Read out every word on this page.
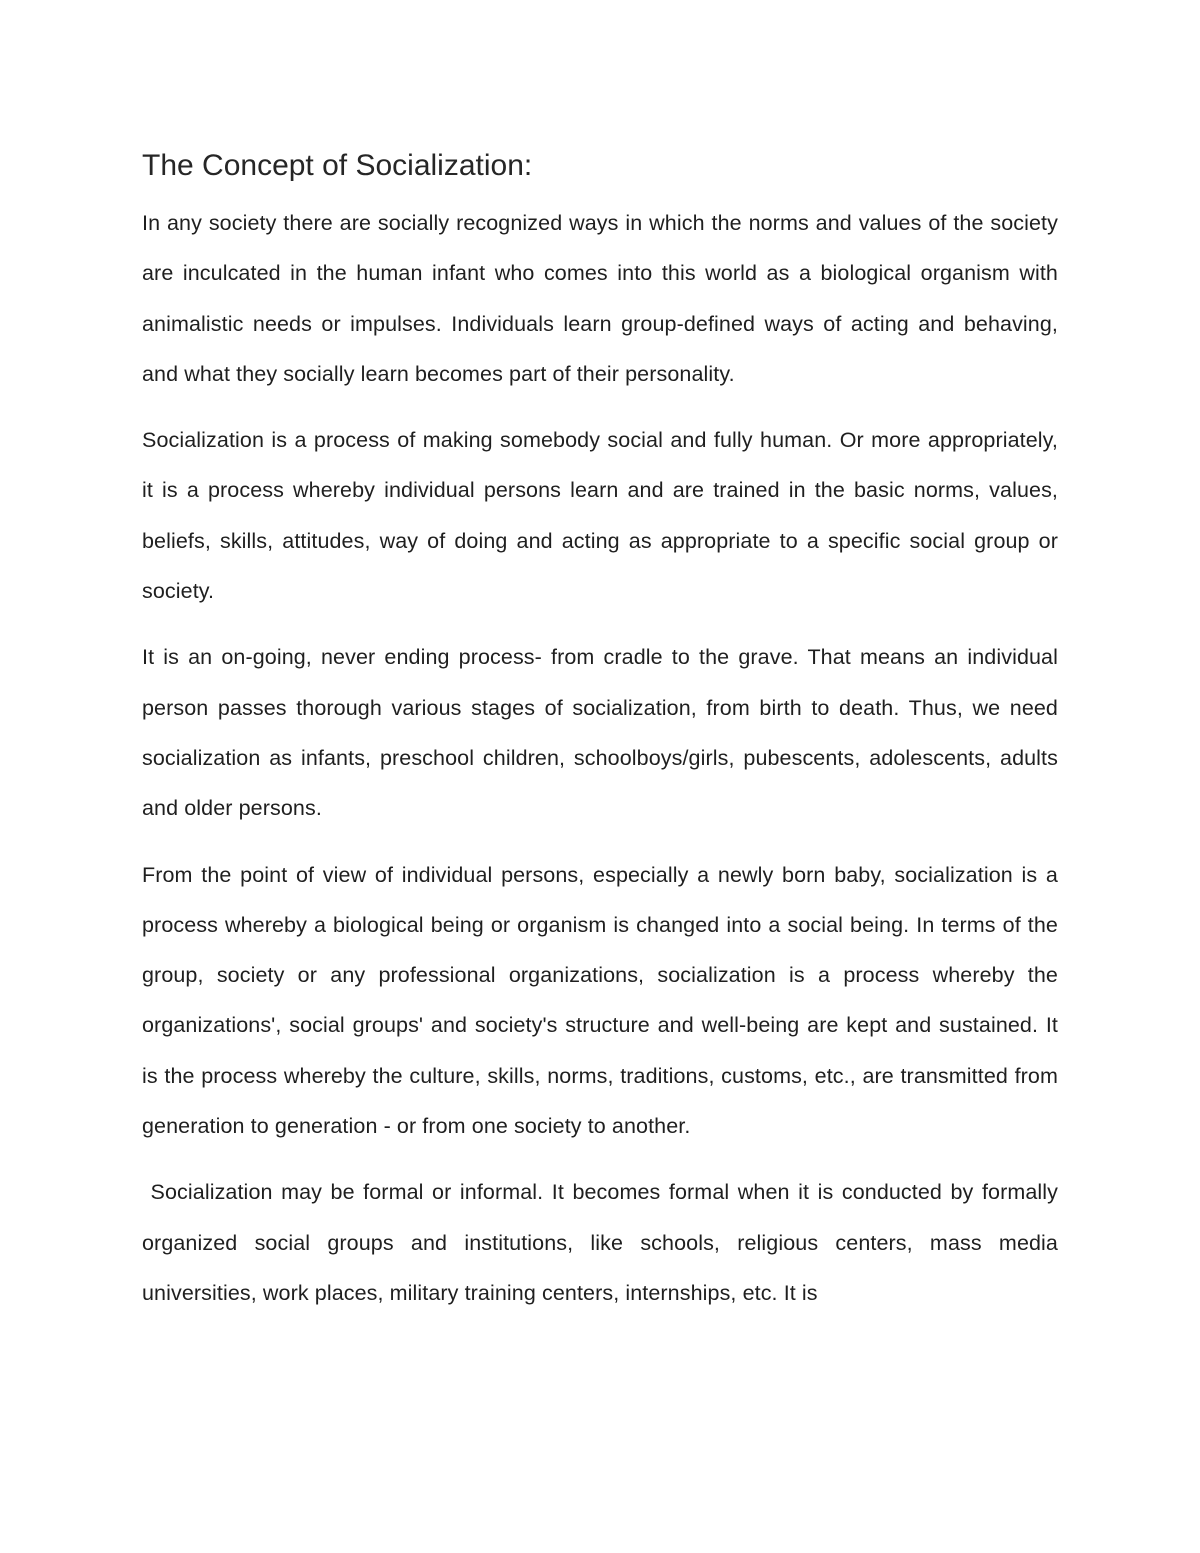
The Concept of Socialization:

In any society there are socially recognized ways in which the norms and values of the society are inculcated in the human infant who comes into this world as a biological organism with animalistic needs or impulses. Individuals learn group-defined ways of acting and behaving, and what they socially learn becomes part of their personality.

Socialization is a process of making somebody social and fully human. Or more appropriately, it is a process whereby individual persons learn and are trained in the basic norms, values, beliefs, skills, attitudes, way of doing and acting as appropriate to a specific social group or society.

It is an on-going, never ending process- from cradle to the grave. That means an individual person passes thorough various stages of socialization, from birth to death. Thus, we need socialization as infants, preschool children, schoolboys/girls, pubescents, adolescents, adults and older persons.

From the point of view of individual persons, especially a newly born baby, socialization is a process whereby a biological being or organism is changed into a social being. In terms of the group, society or any professional organizations, socialization is a process whereby the organizations', social groups' and society's structure and well-being are kept and sustained. It is the process whereby the culture, skills, norms, traditions, customs, etc., are transmitted from generation to generation - or from one society to another.

Socialization may be formal or informal. It becomes formal when it is conducted by formally organized social groups and institutions, like schools, religious centers, mass media universities, work places, military training centers, internships, etc. It is
